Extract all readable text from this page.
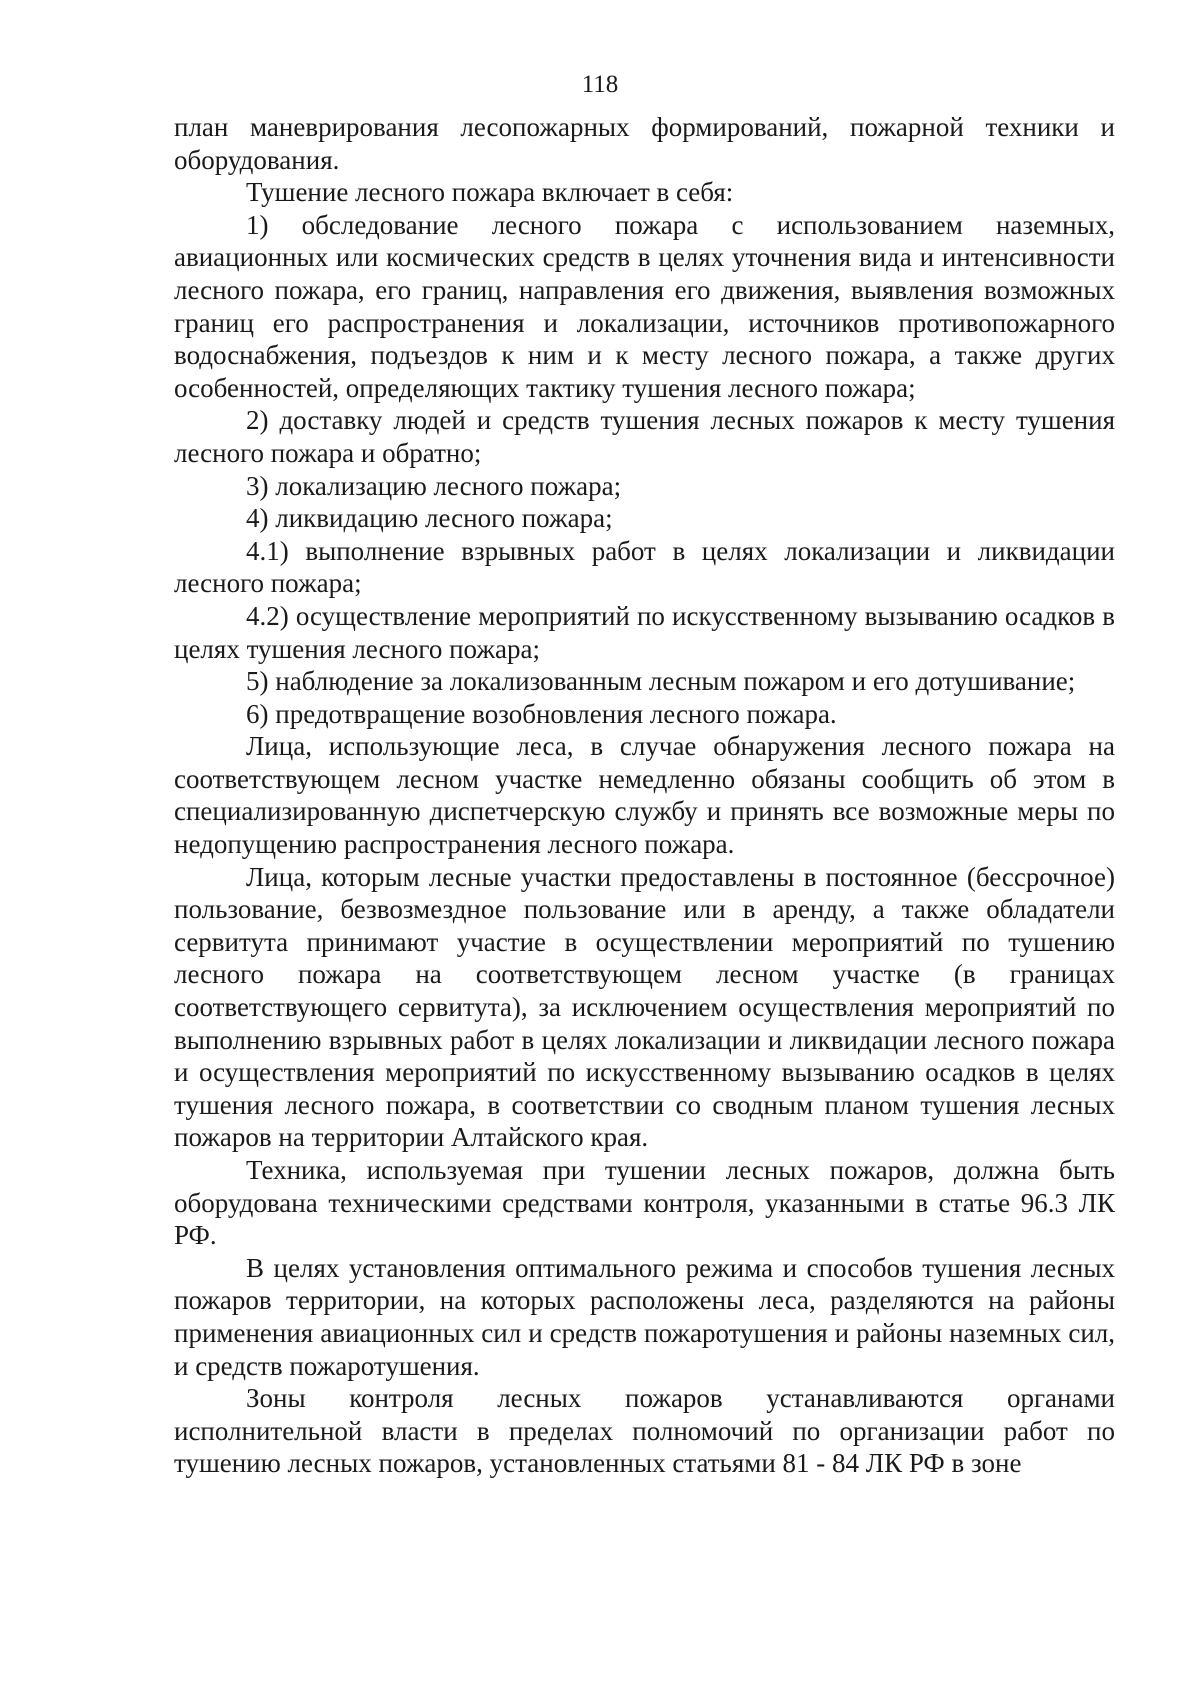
118

план маневрирования лесопожарных формирований, пожарной техники и оборудования.

Тушение лесного пожара включает в себя:

1) обследование лесного пожара с использованием наземных, авиационных или космических средств в целях уточнения вида и интенсивности лесного пожара, его границ, направления его движения, выявления возможных границ его распространения и локализации, источников противопожарного водоснабжения, подъездов к ним и к месту лесного пожара, а также других особенностей, определяющих тактику тушения лесного пожара;

2) доставку людей и средств тушения лесных пожаров к месту тушения лесного пожара и обратно;

3) локализацию лесного пожара;

4) ликвидацию лесного пожара;

4.1) выполнение взрывных работ в целях локализации и ликвидации лесного пожара;

4.2) осуществление мероприятий по искусственному вызыванию осадков в целях тушения лесного пожара;

5) наблюдение за локализованным лесным пожаром и его дотушивание;

6) предотвращение возобновления лесного пожара.

Лица, использующие леса, в случае обнаружения лесного пожара на соответствующем лесном участке немедленно обязаны сообщить об этом в специализированную диспетчерскую службу и принять все возможные меры по недопущению распространения лесного пожара.

Лица, которым лесные участки предоставлены в постоянное (бессрочное) пользование, безвозмездное пользование или в аренду, а также обладатели сервитута принимают участие в осуществлении мероприятий по тушению лесного пожара на соответствующем лесном участке (в границах соответствующего сервитута), за исключением осуществления мероприятий по выполнению взрывных работ в целях локализации и ликвидации лесного пожара и осуществления мероприятий по искусственному вызыванию осадков в целях тушения лесного пожара, в соответствии со сводным планом тушения лесных пожаров на территории Алтайского края.

Техника, используемая при тушении лесных пожаров, должна быть оборудована техническими средствами контроля, указанными в статье 96.3 ЛК РФ.

В целях установления оптимального режима и способов тушения лесных пожаров территории, на которых расположены леса, разделяются на районы применения авиационных сил и средств пожаротушения и районы наземных сил, и средств пожаротушения.

Зоны контроля лесных пожаров устанавливаются органами исполнительной власти в пределах полномочий по организации работ по тушению лесных пожаров, установленных статьями 81 - 84 ЛК РФ в зоне
